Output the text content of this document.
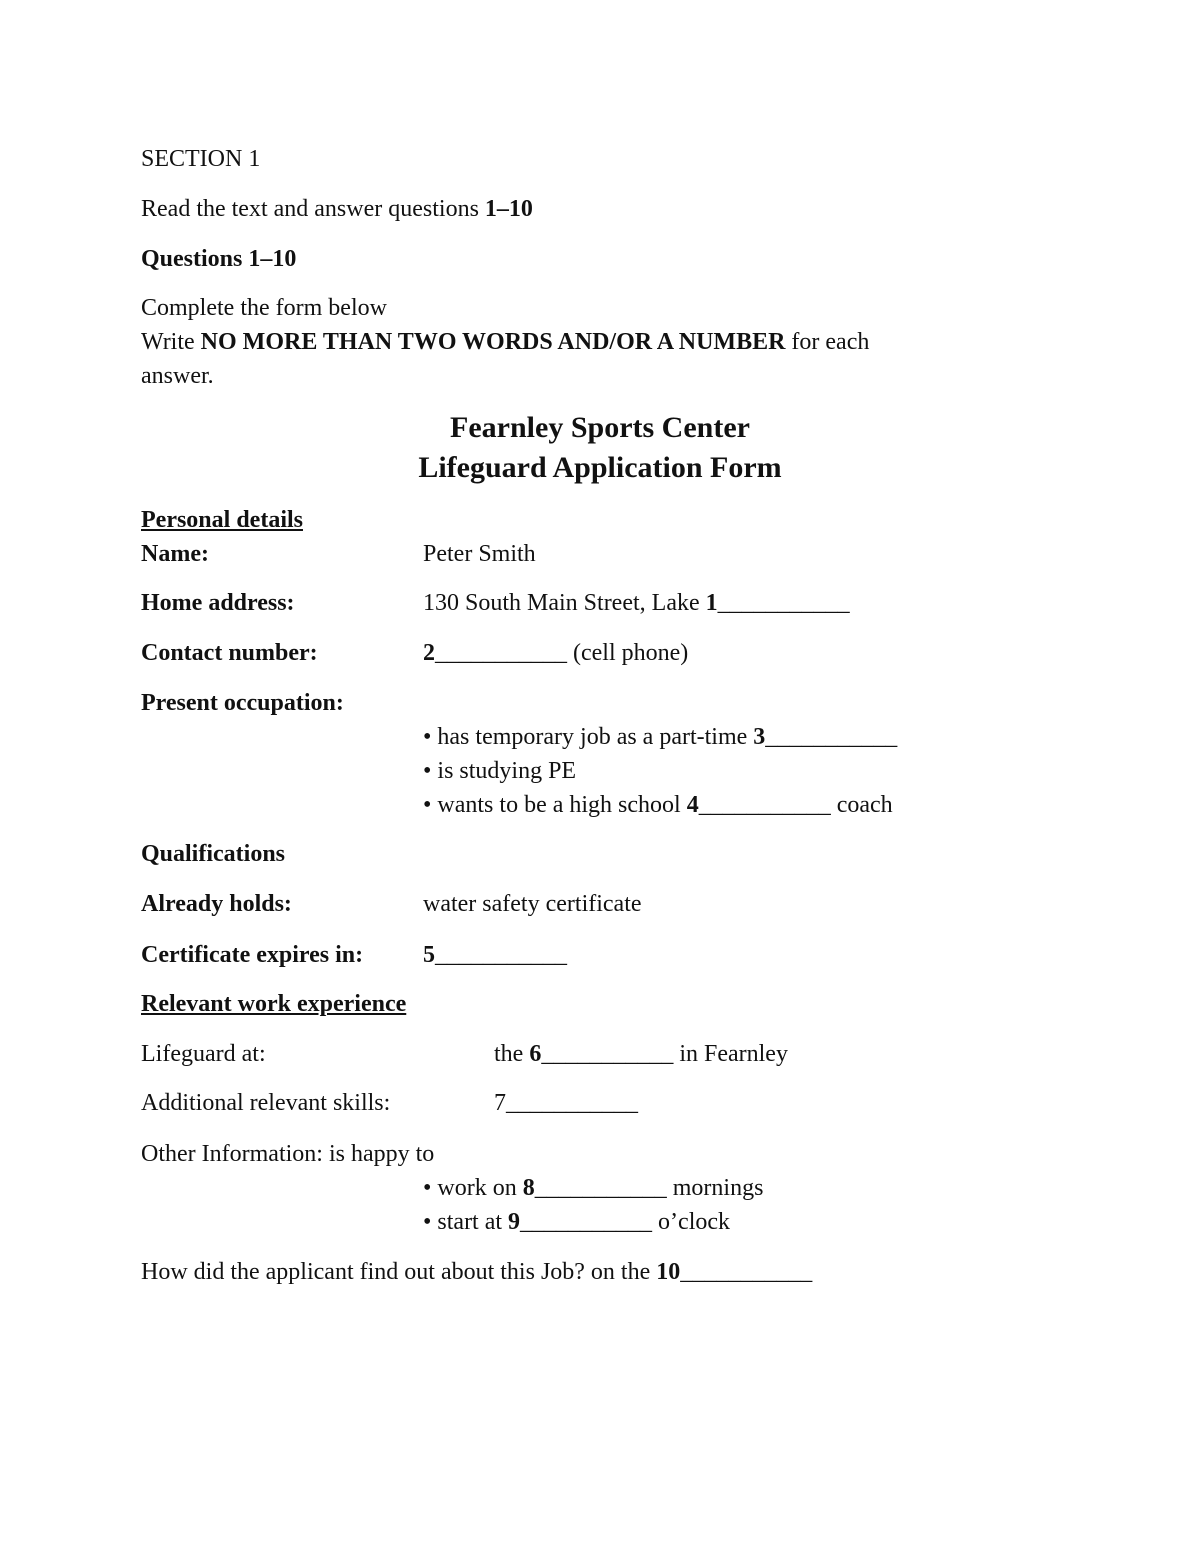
SECTION 1
Read the text and answer questions 1–10
Questions 1–10
Complete the form below
Write NO MORE THAN TWO WORDS AND/OR A NUMBER for each
answer.
Fearnley Sports Center
Lifeguard Application Form
Personal details
Name:	Peter Smith
Home address:	130 South Main Street, Lake 1___________
Contact number:	2___________ (cell phone)
Present occupation:
• has temporary job as a part-time 3___________
• is studying PE
• wants to be a high school 4___________ coach
Qualifications
Already holds:	water safety certificate
Certificate expires in: 5___________
Relevant work experience
Lifeguard at:	the 6___________ in Fearnley
Additional relevant skills:	7___________
Other Information: is happy to
• work on 8___________ mornings
• start at 9___________ o’clock
How did the applicant find out about this Job? on the 10___________
